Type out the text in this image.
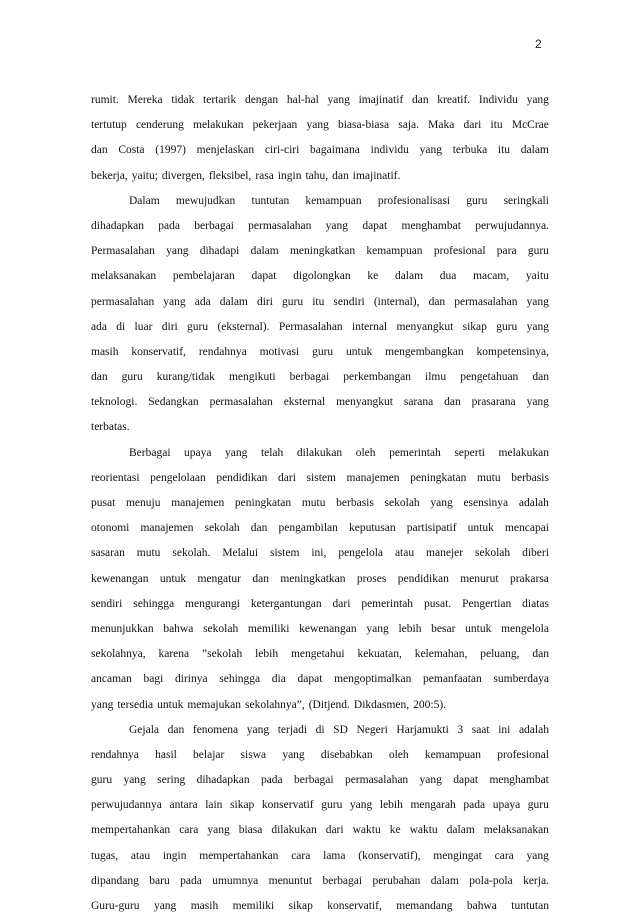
2
rumit. Mereka tidak tertarik dengan hal-hal yang imajinatif dan kreatif. Individu yang
tertutup cenderung melakukan pekerjaan yang biasa-biasa saja. Maka dari itu McCrae
dan Costa (1997) menjelaskan ciri-ciri bagaimana individu yang terbuka itu dalam
bekerja, yaitu; divergen, fleksibel, rasa ingin tahu, dan imajinatif.
Dalam mewujudkan tuntutan kemampuan profesionalisasi guru seringkali
dihadapkan pada berbagai permasalahan yang dapat menghambat perwujudannya.
Permasalahan yang dihadapi dalam meningkatkan kemampuan profesional para guru
melaksanakan pembelajaran dapat digolongkan ke dalam dua macam, yaitu
permasalahan yang ada dalam diri guru itu sendiri (internal), dan permasalahan yang
ada di luar diri guru (eksternal). Permasalahan internal menyangkut sikap guru yang
masih konservatif, rendahnya motivasi guru untuk mengembangkan kompetensinya,
dan guru kurang/tidak mengikuti berbagai perkembangan ilmu pengetahuan dan
teknologi. Sedangkan permasalahan eksternal menyangkut sarana dan prasarana yang
terbatas.
Berbagai upaya yang telah dilakukan oleh pemerintah seperti melakukan
reorientasi pengelolaan pendidikan dari sistem manajemen peningkatan mutu berbasis
pusat menuju manajemen peningkatan mutu berbasis sekolah yang esensinya adalah
otonomi manajemen sekolah dan pengambilan keputusan partisipatif untuk mencapai
sasaran mutu sekolah. Melalui sistem ini, pengelola atau manejer sekolah diberi
kewenangan untuk mengatur dan meningkatkan proses pendidikan menurut prakarsa
sendiri sehingga mengurangi ketergantungan dari pemerintah pusat. Pengertian diatas
menunjukkan bahwa sekolah memiliki kewenangan yang lebih besar untuk mengelola
sekolahnya, karena ”sekolah lebih mengetahui kekuatan, kelemahan, peluang, dan
ancaman bagi dirinya sehingga dia dapat mengoptimalkan pemanfaatan sumberdaya
yang tersedia untuk memajukan sekolahnya”, (Ditjend. Dikdasmen, 200:5).
Gejala dan fenomena yang terjadi di SD Negeri Harjamukti 3 saat ini adalah
rendahnya hasil belajar siswa yang disebabkan oleh kemampuan profesional
guru yang sering dihadapkan pada berbagai permasalahan yang dapat menghambat
perwujudannya antara lain sikap konservatif guru yang lebih mengarah pada upaya guru
mempertahankan cara yang biasa dilakukan dari waktu ke waktu dalam melaksanakan
tugas, atau ingin mempertahankan cara lama (konservatif), mengingat cara yang
dipandang baru pada umumnya menuntut berbagai perubahan dalam pola-pola kerja.
Guru-guru yang masih memiliki sikap konservatif, memandang bahwa tuntutan
